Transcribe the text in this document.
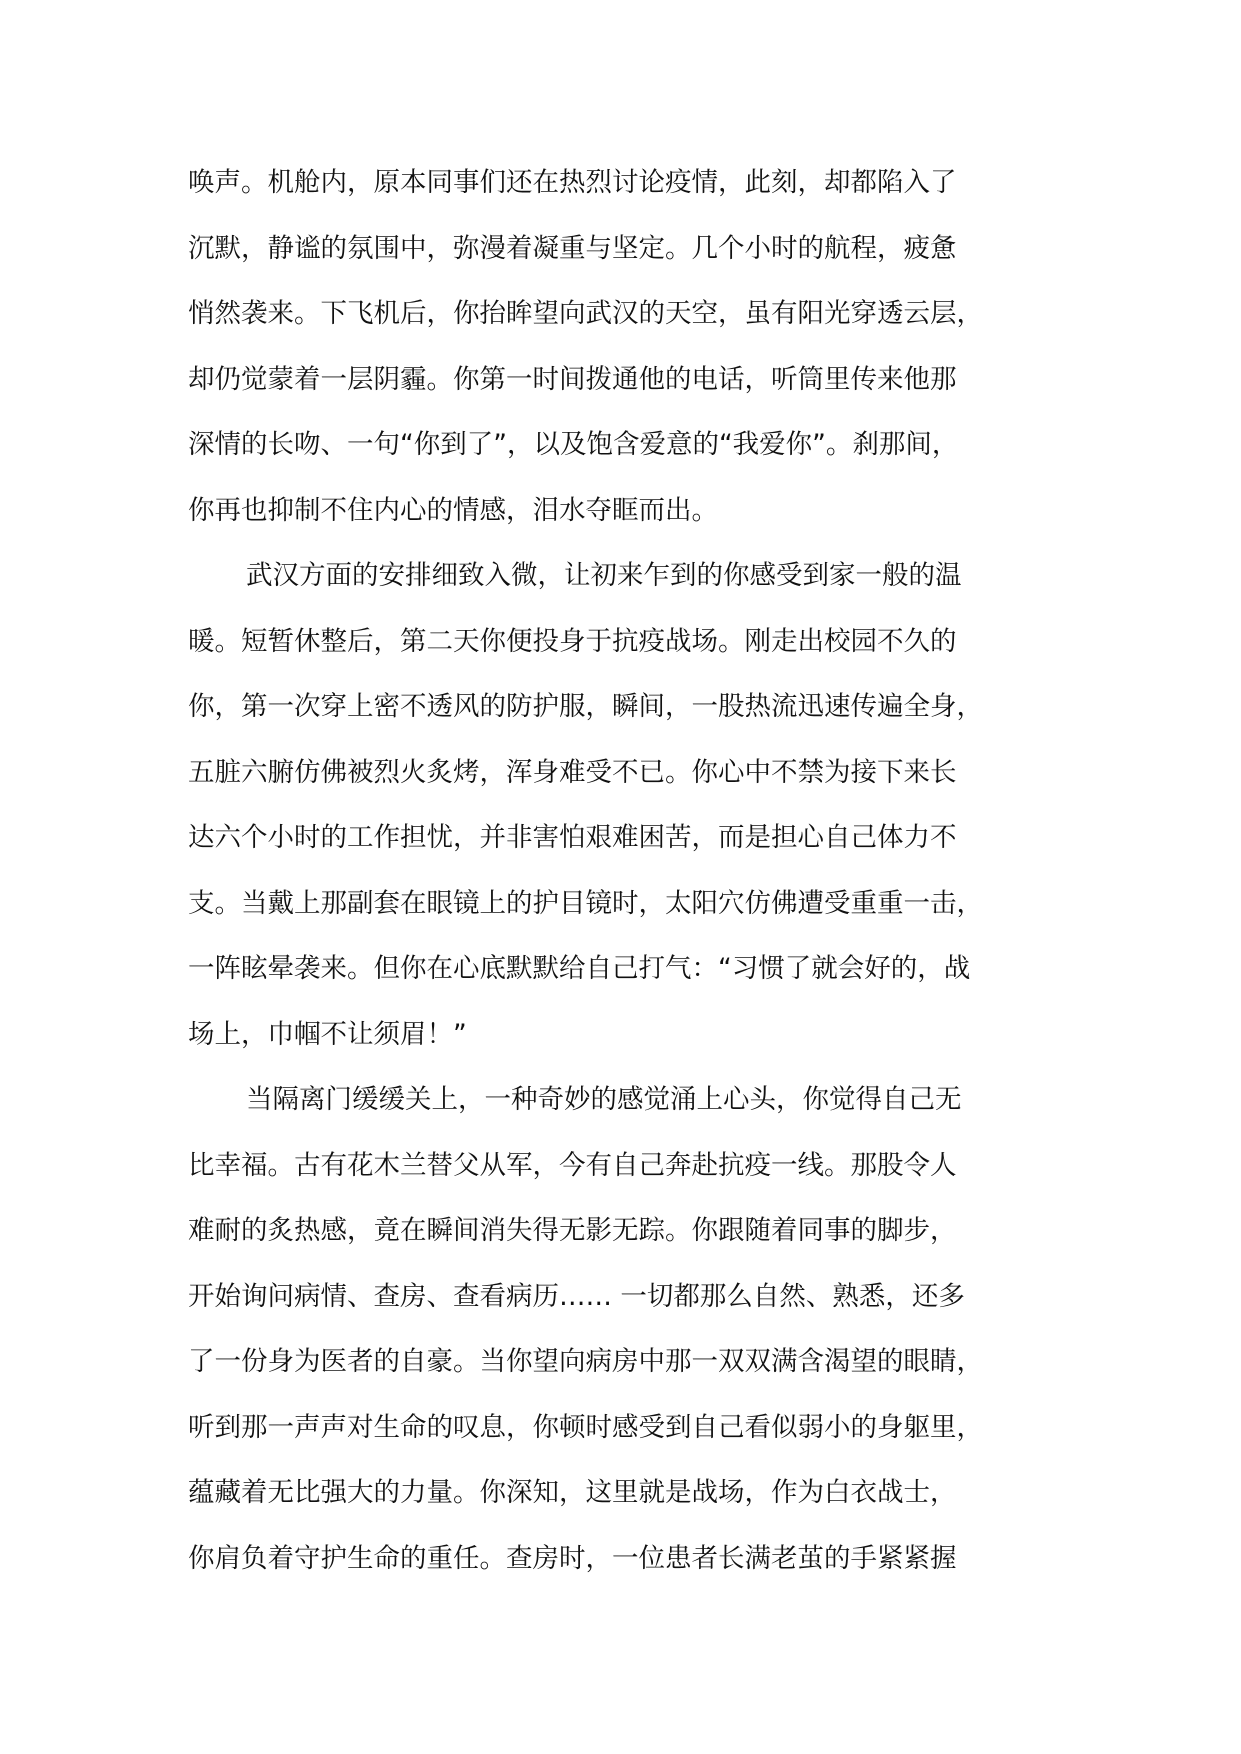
唤声。机舱内，原本同事们还在热烈讨论疫情，此刻，却都陷入了
沉默，静谧的氛围中，弥漫着凝重与坚定。几个小时的航程，疲惫
悄然袭来。下飞机后，你抬眸望向武汉的天空，虽有阳光穿透云层，
却仍觉蒙着一层阴霾。你第一时间拨通他的电话，听筒里传来他那
深情的长吻、一句“你到了”，以及饱含爱意的“我爱你”。刹那间，
你再也抑制不住内心的情感，泪水夺眶而出。
武汉方面的安排细致入微，让初来乍到的你感受到家一般的温
暖。短暂休整后，第二天你便投身于抗疫战场。刚走出校园不久的
你，第一次穿上密不透风的防护服，瞬间，一股热流迅速传遍全身，
五脏六腑仿佛被烈火炙烤，浑身难受不已。你心中不禁为接下来长
达六个小时的工作担忧，并非害怕艰难困苦，而是担心自己体力不
支。当戴上那副套在眼镜上的护目镜时，太阳穴仿佛遭受重重一击，
一阵眩晕袭来。但你在心底默默给自己打气：“习惯了就会好的，战
场上，巾帼不让须眉！”
当隔离门缓缓关上，一种奇妙的感觉涌上心头，你觉得自己无
比幸福。古有花木兰替父从军，今有自己奔赴抗疫一线。那股令人
难耐的炙热感，竟在瞬间消失得无影无踪。你跟随着同事的脚步，
开始询问病情、查房、查看病历…… 一切都那么自然、熟悉，还多
了一份身为医者的自豪。当你望向病房中那一双双满含渴望的眼睛，
听到那一声声对生命的叹息，你顿时感受到自己看似弱小的身躯里，
蕴藏着无比强大的力量。你深知，这里就是战场，作为白衣战士，
你肩负着守护生命的重任。查房时，一位患者长满老茧的手紧紧握
